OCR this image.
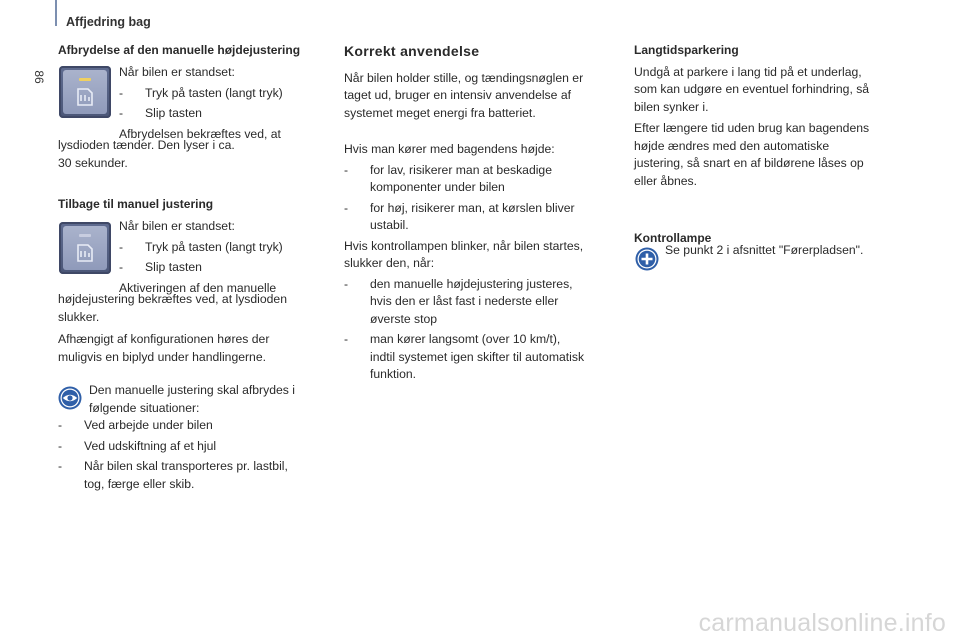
86
Affjedring bag

Afbrydelse af den manuelle højdejustering

Når bilen er standset:

- Tryk på tasten (langt tryk)
- Slip tasten

Afbrydelsen bekræftes ved, at

lysdioden tænder. Den lyser i ca.

30 sekunder.

Tilbage til manuel justering

Når bilen er standset:

- Tryk på tasten (langt tryk)
- Slip tasten

Aktiveringen af den manuelle

højdejustering bekræftes ved, at lysdioden

slukker.

Afhængigt af konfigurationen høres der

muligvis en biplyd under handlingerne.

Den manuelle justering skal afbrydes i

følgende situationer:

- Ved arbejde under bilen
- Ved udskiftning af et hjul
- Når bilen skal transporteres pr. lastbil,
tog, færge eller skib.

Korrekt anvendelse

Når bilen holder stille, og tændingsnøglen er

taget ud, bruger en intensiv anvendelse af

systemet meget energi fra batteriet.

Hvis man kører med bagendens højde:

- for lav, risikerer man at beskadige
komponenter under bilen
- for høj, risikerer man, at kørslen bliver
ustabil.

Hvis kontrollampen blinker, når bilen startes,

slukker den, når:

- den manuelle højdejustering justeres,
hvis den er låst fast i nederste eller
øverste stop
- man kører langsomt (over 10 km/t),
indtil systemet igen skifter til automatisk
funktion.

Langtidsparkering

Undgå at parkere i lang tid på et underlag,

som kan udgøre en eventuel forhindring, så

bilen synker i.

Efter længere tid uden brug kan bagendens

højde ændres med den automatiske

justering, så snart en af bildørene låses op

eller åbnes.

Kontrollampe

Se punkt 2 i afsnittet "Førerpladsen".

carmanualsonline.info
